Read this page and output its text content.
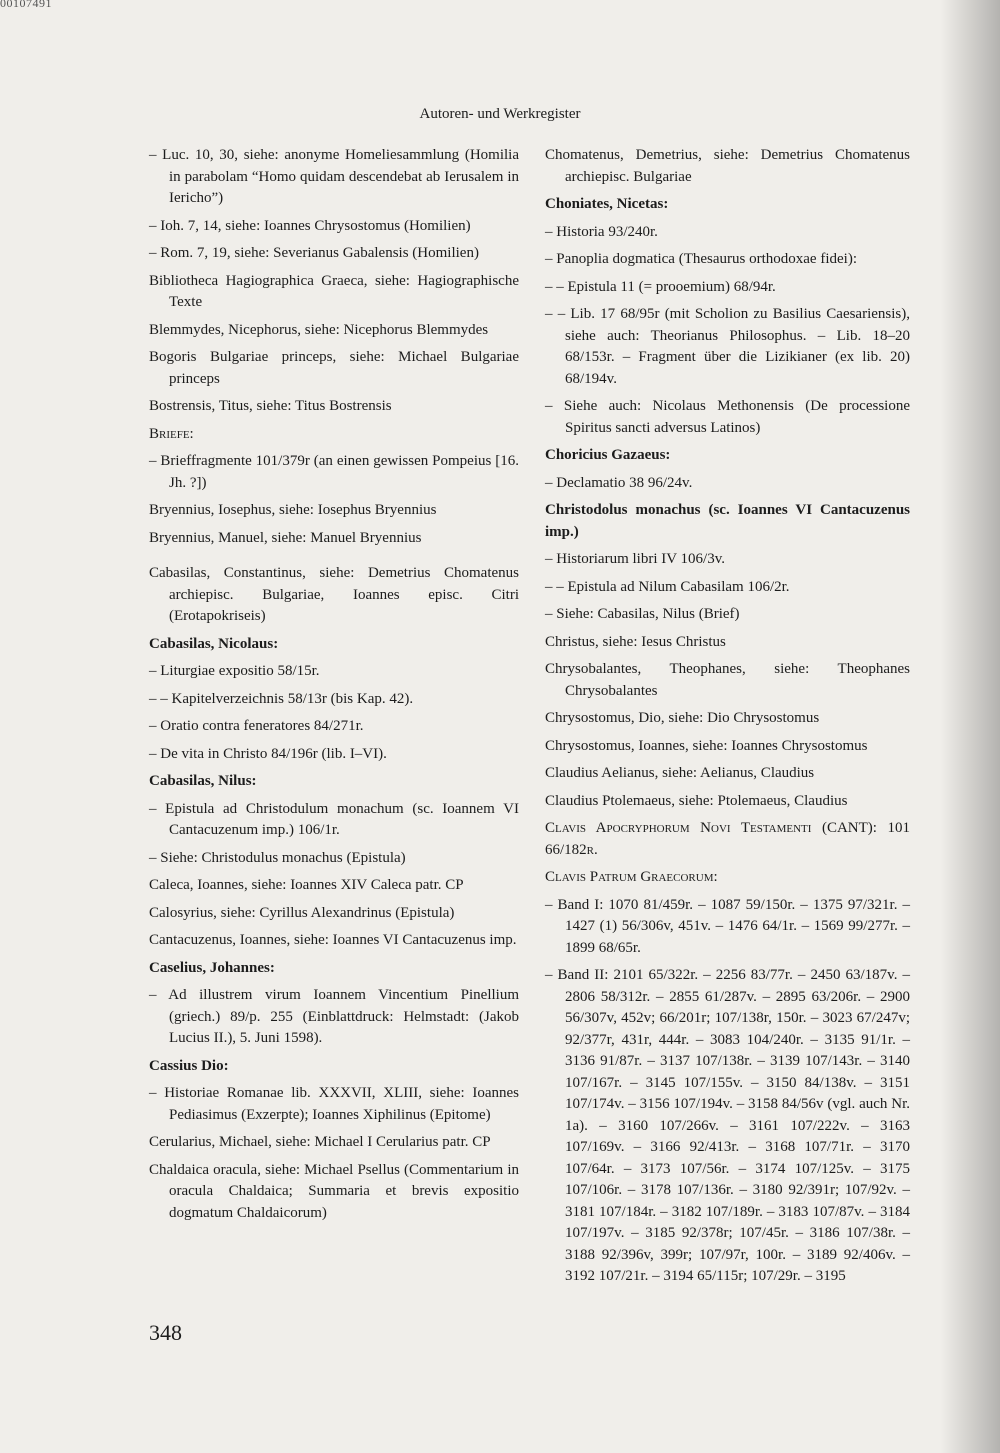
00107491
Autoren- und Werkregister
– Luc. 10, 30, siehe: anonyme Homeliesammlung (Homilia in parabolam “Homo quidam descendebat ab Ierusalem in Iericho”)
– Ioh. 7, 14, siehe: Ioannes Chrysostomus (Homilien)
– Rom. 7, 19, siehe: Severianus Gabalensis (Homilien)
Bibliotheca Hagiographica Graeca, siehe: Hagiographische Texte
Blemmydes, Nicephorus, siehe: Nicephorus Blemmydes
Bogoris Bulgariae princeps, siehe: Michael Bulgariae princeps
Bostrensis, Titus, siehe: Titus Bostrensis
Briefe:
– Brieffragmente 101/379r (an einen gewissen Pompeius [16. Jh. ?])
Bryennius, Iosephus, siehe: Iosephus Bryennius
Bryennius, Manuel, siehe: Manuel Bryennius
Cabasilas, Constantinus, siehe: Demetrius Chomatenus archiepisc. Bulgariae, Ioannes episc. Citri (Erotapokriseis)
Cabasilas, Nicolaus:
– Liturgiae expositio 58/15r.
– – Kapitelverzeichnis 58/13r (bis Kap. 42).
– Oratio contra feneratores 84/271r.
– De vita in Christo 84/196r (lib. I–VI).
Cabasilas, Nilus:
– Epistula ad Christodulum monachum (sc. Ioannem VI Cantacuzenum imp.) 106/1r.
– Siehe: Christodulus monachus (Epistula)
Caleca, Ioannes, siehe: Ioannes XIV Caleca patr. CP
Calosyrius, siehe: Cyrillus Alexandrinus (Epistula)
Cantacuzenus, Ioannes, siehe: Ioannes VI Cantacuzenus imp.
Caselius, Johannes:
– Ad illustrem virum Ioannem Vincentium Pinellium (griech.) 89/p. 255 (Einblattdruck: Helmstadt: (Jakob Lucius II.), 5. Juni 1598).
Cassius Dio:
– Historiae Romanae lib. XXXVII, XLIII, siehe: Ioannes Pediasimus (Exzerpte); Ioannes Xiphilinus (Epitome)
Cerularius, Michael, siehe: Michael I Cerularius patr. CP
Chaldaica oracula, siehe: Michael Psellus (Commentarium in oracula Chaldaica; Summaria et brevis expositio dogmatum Chaldaicorum)
Chomatenus, Demetrius, siehe: Demetrius Chomatenus archiepisc. Bulgariae
Choniates, Nicetas:
– Historia 93/240r.
– Panoplia dogmatica (Thesaurus orthodoxae fidei):
– – Epistula 11 (= prooemium) 68/94r.
– – Lib. 17 68/95r (mit Scholion zu Basilius Caesariensis), siehe auch: Theorianus Philosophus. – Lib. 18–20 68/153r. – Fragment über die Lizikianer (ex lib. 20) 68/194v.
– Siehe auch: Nicolaus Methonensis (De processione Spiritus sancti adversus Latinos)
Choricius Gazaeus:
– Declamatio 38 96/24v.
Christodolus monachus (sc. Ioannes VI Cantacuzenus imp.)
– Historiarum libri IV 106/3v.
– – Epistula ad Nilum Cabasilam 106/2r.
– Siehe: Cabasilas, Nilus (Brief)
Christus, siehe: Iesus Christus
Chrysobalantes, Theophanes, siehe: Theophanes Chrysobalantes
Chrysostomus, Dio, siehe: Dio Chrysostomus
Chrysostomus, Ioannes, siehe: Ioannes Chrysostomus
Claudius Aelianus, siehe: Aelianus, Claudius
Claudius Ptolemaeus, siehe: Ptolemaeus, Claudius
Clavis Apocryphorum Novi Testamenti (CANT): 101 66/182r.
Clavis Patrum Graecorum:
– Band I: 1070 81/459r. – 1087 59/150r. – 1375 97/321r. – 1427 (1) 56/306v, 451v. – 1476 64/1r. – 1569 99/277r. – 1899 68/65r.
– Band II: 2101 65/322r. – 2256 83/77r. – 2450 63/187v. – 2806 58/312r. – 2855 61/287v. – 2895 63/206r. – 2900 56/307v, 452v; 66/201r; 107/138r, 150r. – 3023 67/247v; 92/377r, 431r, 444r. – 3083 104/240r. – 3135 91/1r. – 3136 91/87r. – 3137 107/138r. – 3139 107/143r. – 3140 107/167r. – 3145 107/155v. – 3150 84/138v. – 3151 107/174v. – 3156 107/194v. – 3158 84/56v (vgl. auch Nr. 1a). – 3160 107/266v. – 3161 107/222v. – 3163 107/169v. – 3166 92/413r. – 3168 107/71r. – 3170 107/64r. – 3173 107/56r. – 3174 107/125v. – 3175 107/106r. – 3178 107/136r. – 3180 92/391r; 107/92v. – 3181 107/184r. – 3182 107/189r. – 3183 107/87v. – 3184 107/197v. – 3185 92/378r; 107/45r. – 3186 107/38r. – 3188 92/396v, 399r; 107/97r, 100r. – 3189 92/406v. – 3192 107/21r. – 3194 65/115r; 107/29r. – 3195
348
